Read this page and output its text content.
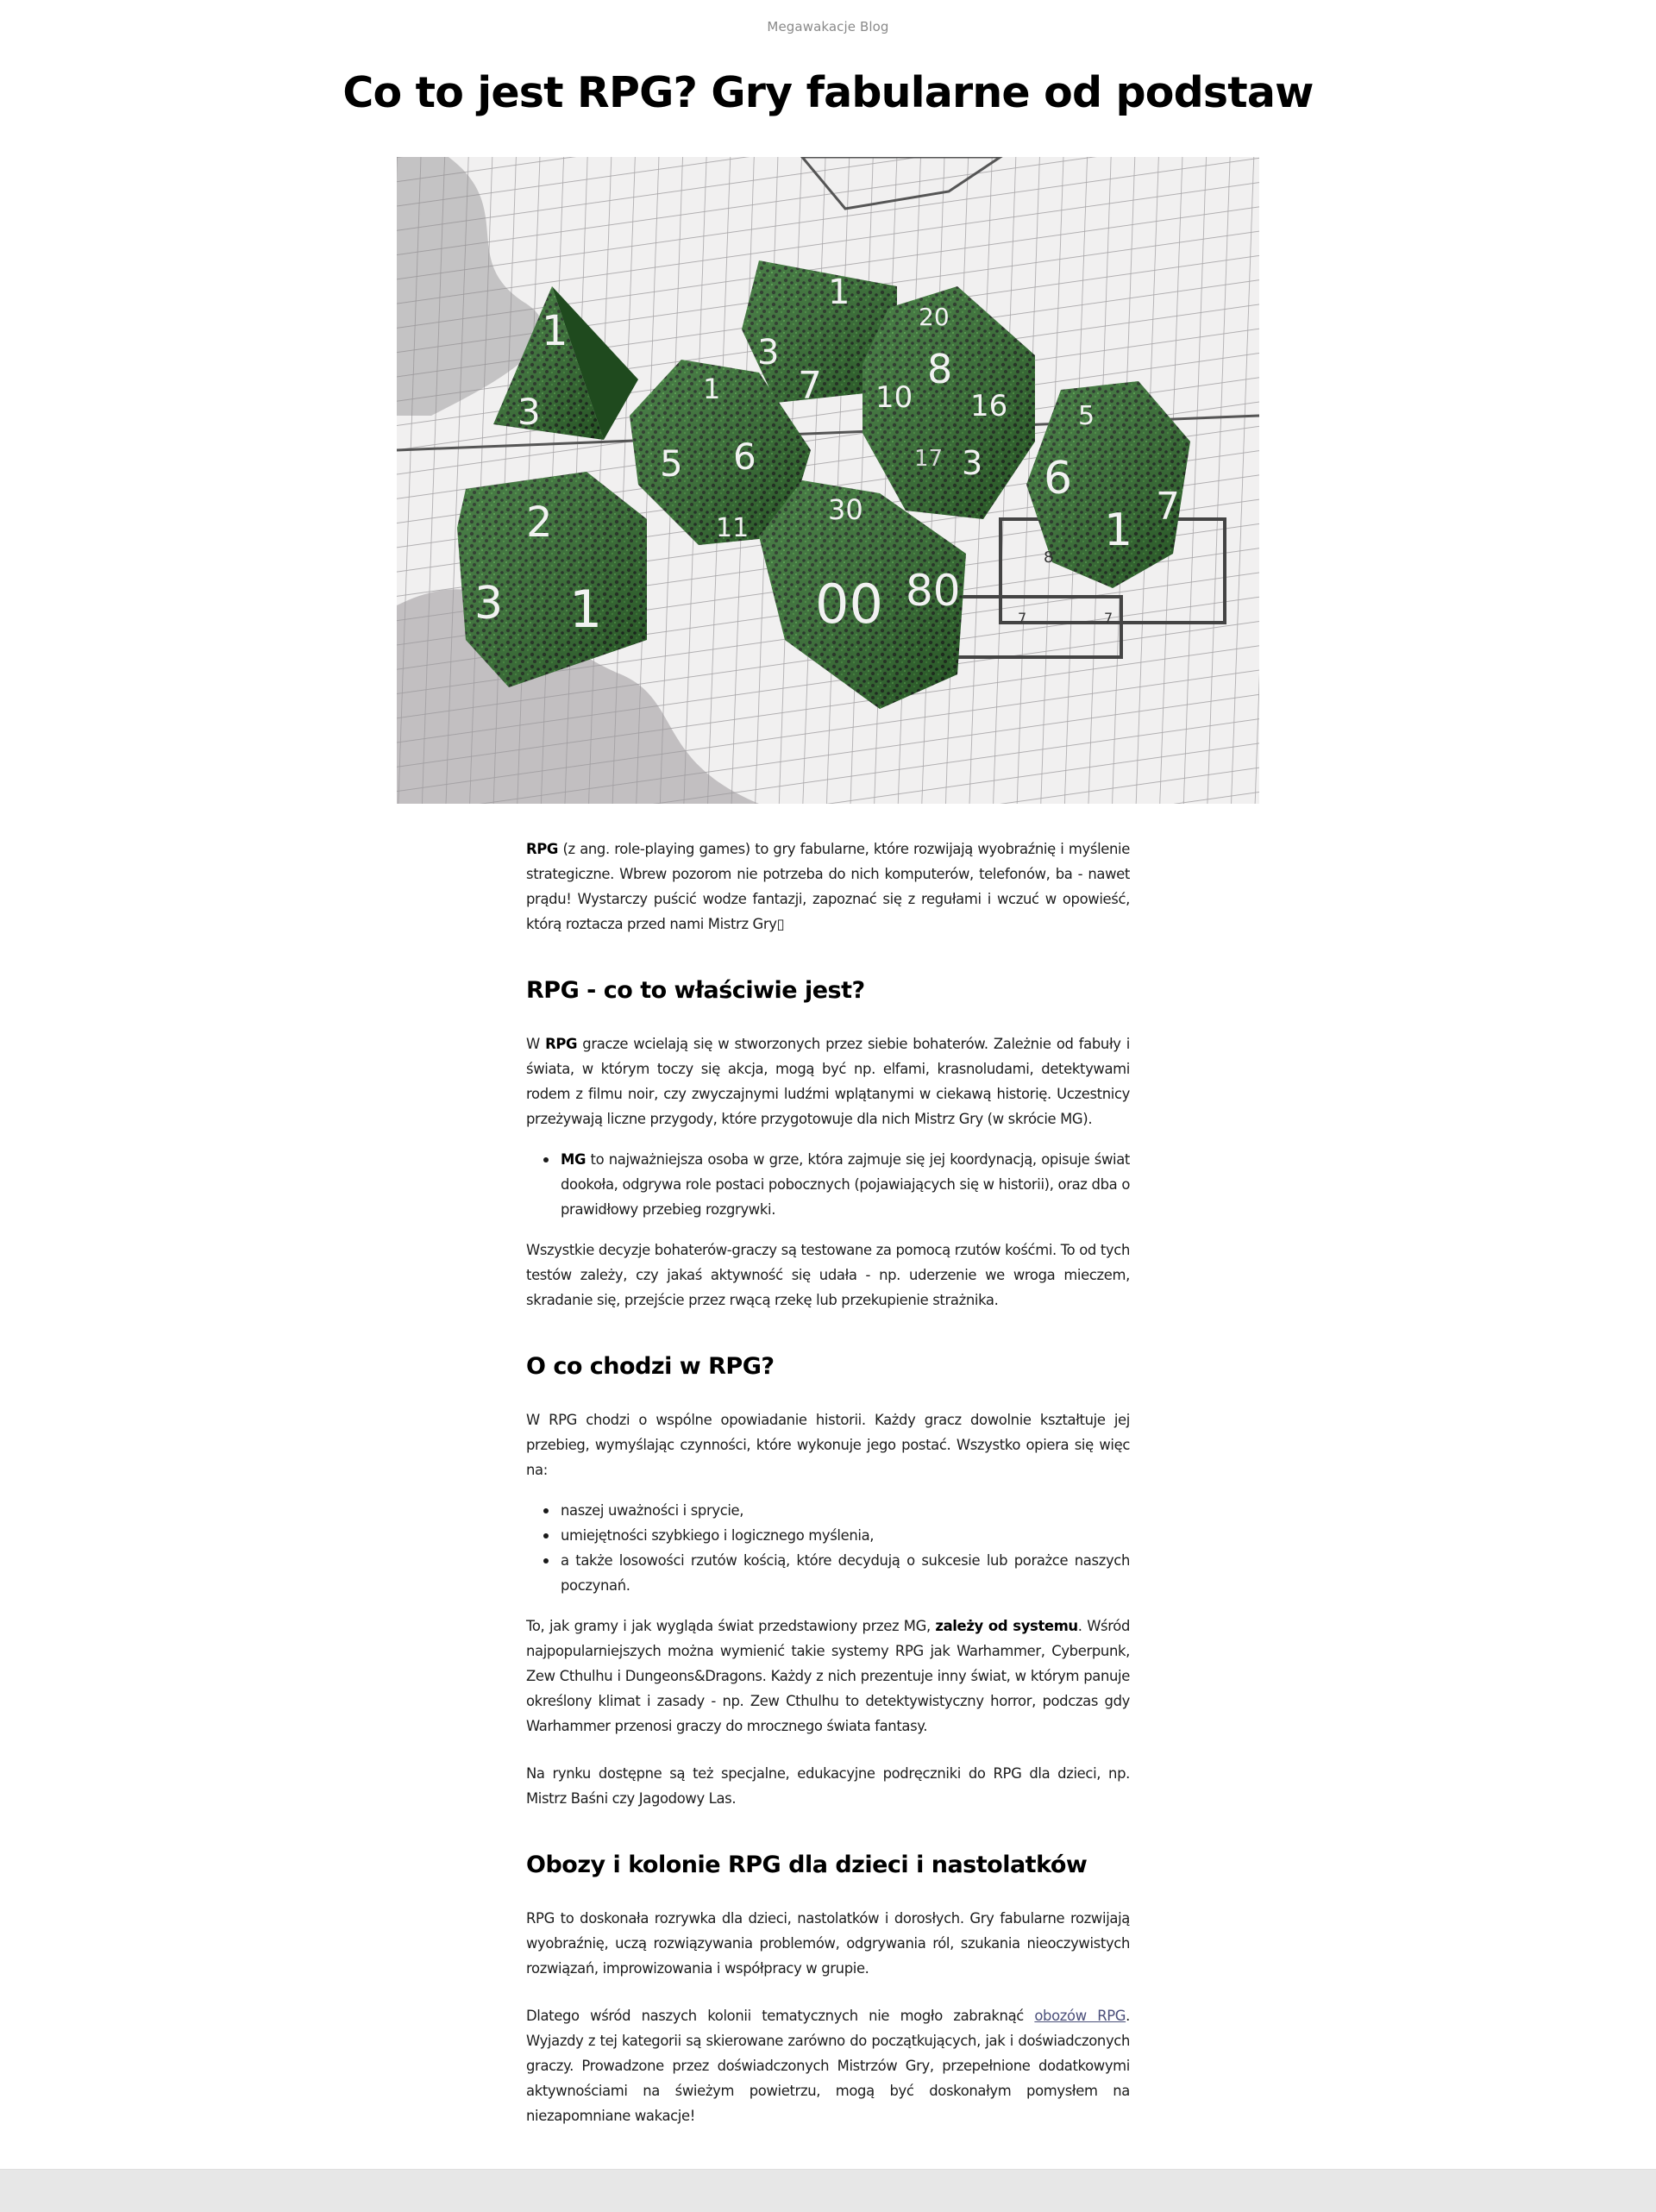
Megawakacje Blog
Co to jest RPG? Gry fabularne od podstaw
1
3
1
3
7
20
8
10 16
17 3
1
5 6
11
5
6
1 7
2
3 1
30
00 80
8
7	7

RPG (z ang. role-playing games) to gry fabularne, które rozwijają wyobraźnię i myślenie strategiczne. Wbrew pozorom nie potrzeba do nich komputerów, telefonów, ba - nawet prądu! Wystarczy puścić wodze fantazji, zapoznać się z regułami i wczuć w opowieść, którą roztacza przed nami Mistrz Gry▯

RPG - co to właściwie jest?

W RPG gracze wcielają się w stworzonych przez siebie bohaterów. Zależnie od fabuły i świata, w którym toczy się akcja, mogą być np. elfami, krasnoludami, detektywami rodem z filmu noir, czy zwyczajnymi ludźmi wplątanymi w ciekawą historię. Uczestnicy przeżywają liczne przygody, które przygotowuje dla nich Mistrz Gry (w skrócie MG).

MG to najważniejsza osoba w grze, która zajmuje się jej koordynacją, opisuje świat dookoła, odgrywa role postaci pobocznych (pojawiających się w historii), oraz dba o prawidłowy przebieg rozgrywki.

Wszystkie decyzje bohaterów-graczy są testowane za pomocą rzutów kośćmi. To od tych testów zależy, czy jakaś aktywność się udała - np. uderzenie we wroga mieczem, skradanie się, przejście przez rwącą rzekę lub przekupienie strażnika.

O co chodzi w RPG?

W RPG chodzi o wspólne opowiadanie historii. Każdy gracz dowolnie kształtuje jej przebieg, wymyślając czynności, które wykonuje jego postać. Wszystko opiera się więc na:

naszej uważności i sprycie,
umiejętności szybkiego i logicznego myślenia,
a także losowości rzutów kością, które decydują o sukcesie lub porażce naszych poczynań.

To, jak gramy i jak wygląda świat przedstawiony przez MG, zależy od systemu. Wśród najpopularniejszych można wymienić takie systemy RPG jak Warhammer, Cyberpunk, Zew Cthulhu i Dungeons&Dragons. Każdy z nich prezentuje inny świat, w którym panuje określony klimat i zasady - np. Zew Cthulhu to detektywistyczny horror, podczas gdy Warhammer przenosi graczy do mrocznego świata fantasy.

Na rynku dostępne są też specjalne, edukacyjne podręczniki do RPG dla dzieci, np. Mistrz Baśni czy Jagodowy Las.

Obozy i kolonie RPG dla dzieci i nastolatków

RPG to doskonała rozrywka dla dzieci, nastolatków i dorosłych. Gry fabularne rozwijają wyobraźnię, uczą rozwiązywania problemów, odgrywania ról, szukania nieoczywistych rozwiązań, improwizowania i współpracy w grupie.

Dlatego wśród naszych kolonii tematycznych nie mogło zabraknąć obozów RPG. Wyjazdy z tej kategorii są skierowane zarówno do początkujących, jak i doświadczonych graczy. Prowadzone przez doświadczonych Mistrzów Gry, przepełnione dodatkowymi aktywnościami na świeżym powietrzu, mogą być doskonałym pomysłem na niezapomniane wakacje!
